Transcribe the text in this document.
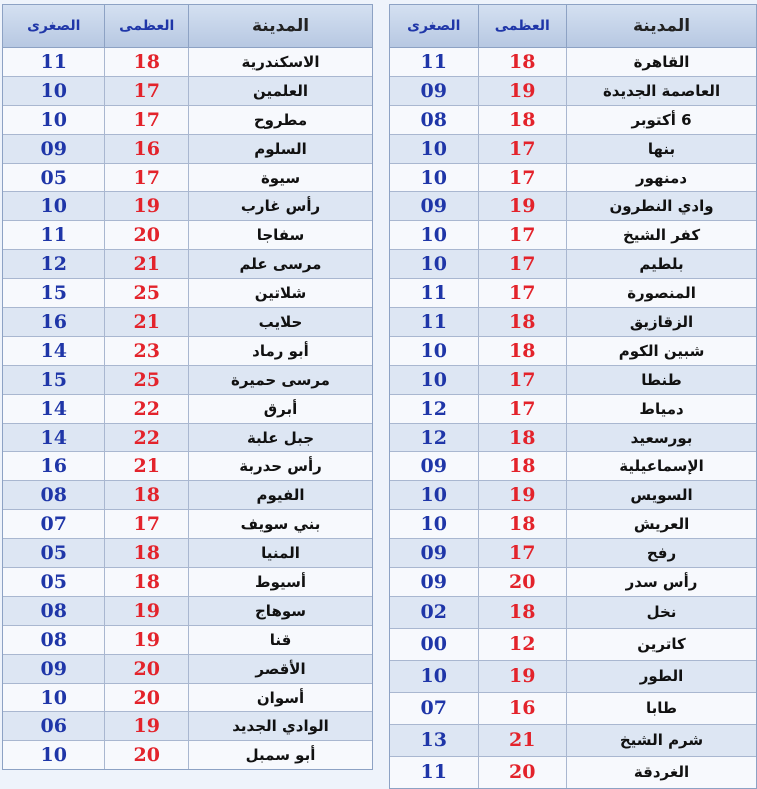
المدينة
العظمى
الصغرى
القاهرة
18
11
العاصمة الجديدة
19
09
6 أكتوبر
18
08
بنها
17
10
دمنهور
17
10
وادي النطرون
19
09
كفر الشيخ
17
10
بلطيم
17
10
المنصورة
17
11
الزقازيق
18
11
شبين الكوم
18
10
طنطا
17
10
دمياط
17
12
بورسعيد
18
12
الإسماعيلية
18
09
السويس
19
10
العريش
18
10
رفح
17
09
رأس سدر
20
09
نخل
18
02
كاترين
12
00
الطور
19
10
طابا
16
07
شرم الشيخ
21
13
الغردقة
20
11
المدينة
العظمى
الصغرى
الاسكندرية
18
11
العلمين
17
10
مطروح
17
10
السلوم
16
09
سيوة
17
05
رأس غارب
19
10
سفاجا
20
11
مرسى علم
21
12
شلاتين
25
15
حلايب
21
16
أبو رماد
23
14
مرسى حميرة
25
15
أبرق
22
14
جبل علبة
22
14
رأس حدربة
21
16
الفيوم
18
08
بني سويف
17
07
المنيا
18
05
أسيوط
18
05
سوهاج
19
08
قنا
19
08
الأقصر
20
09
أسوان
20
10
الوادي الجديد
19
06
أبو سمبل
20
10
